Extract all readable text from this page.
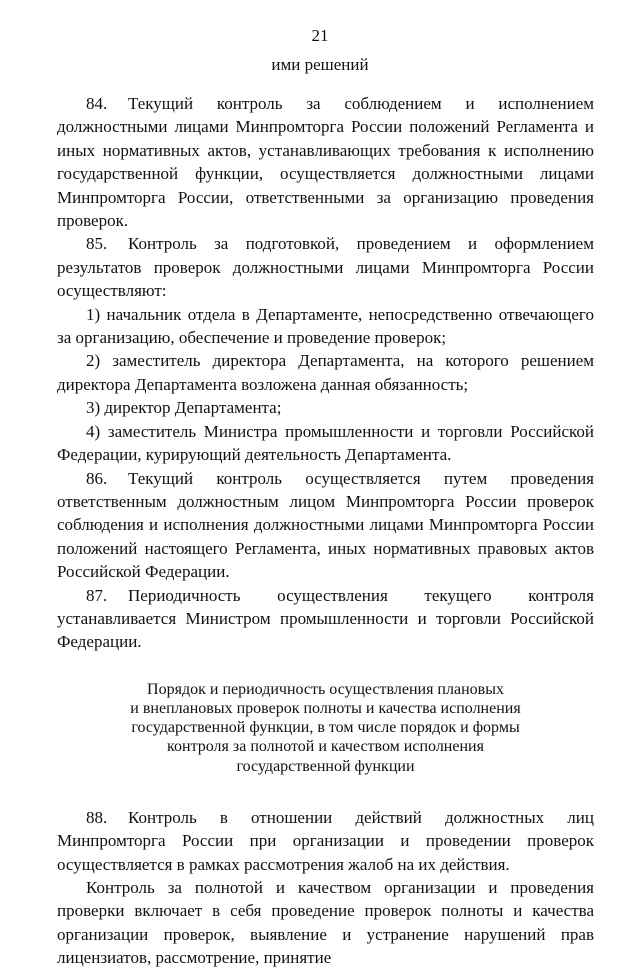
21
ими решений

84. Текущий контроль за соблюдением и исполнением должностными лицами Минпромторга России положений Регламента и иных нормативных актов, устанавливающих требования к исполнению государственной функции, осуществляется должностными лицами Минпромторга России, ответственными за организацию проведения проверок.

85. Контроль за подготовкой, проведением и оформлением результатов проверок должностными лицами Минпромторга России осуществляют:

1) начальник отдела в Департаменте, непосредственно отвечающего за организацию, обеспечение и проведение проверок;

2) заместитель директора Департамента, на которого решением директора Департамента возложена данная обязанность;

3) директор Департамента;

4) заместитель Министра промышленности и торговли Российской Федерации, курирующий деятельность Департамента.

86. Текущий контроль осуществляется путем проведения ответственным должностным лицом Минпромторга России проверок соблюдения и исполнения должностными лицами Минпромторга России положений настоящего Регламента, иных нормативных правовых актов Российской Федерации.

87. Периодичность осуществления текущего контроля устанавливается Министром промышленности и торговли Российской Федерации.

Порядок и периодичность осуществления плановых
и внеплановых проверок полноты и качества исполнения
государственной функции, в том числе порядок и формы
контроля за полнотой и качеством исполнения
государственной функции

88. Контроль в отношении действий должностных лиц Минпромторга России при организации и проведении проверок осуществляется в рамках рассмотрения жалоб на их действия.

Контроль за полнотой и качеством организации и проведения проверки включает в себя проведение проверок полноты и качества организации проверок, выявление и устранение нарушений прав лицензиатов, рассмотрение, принятие
